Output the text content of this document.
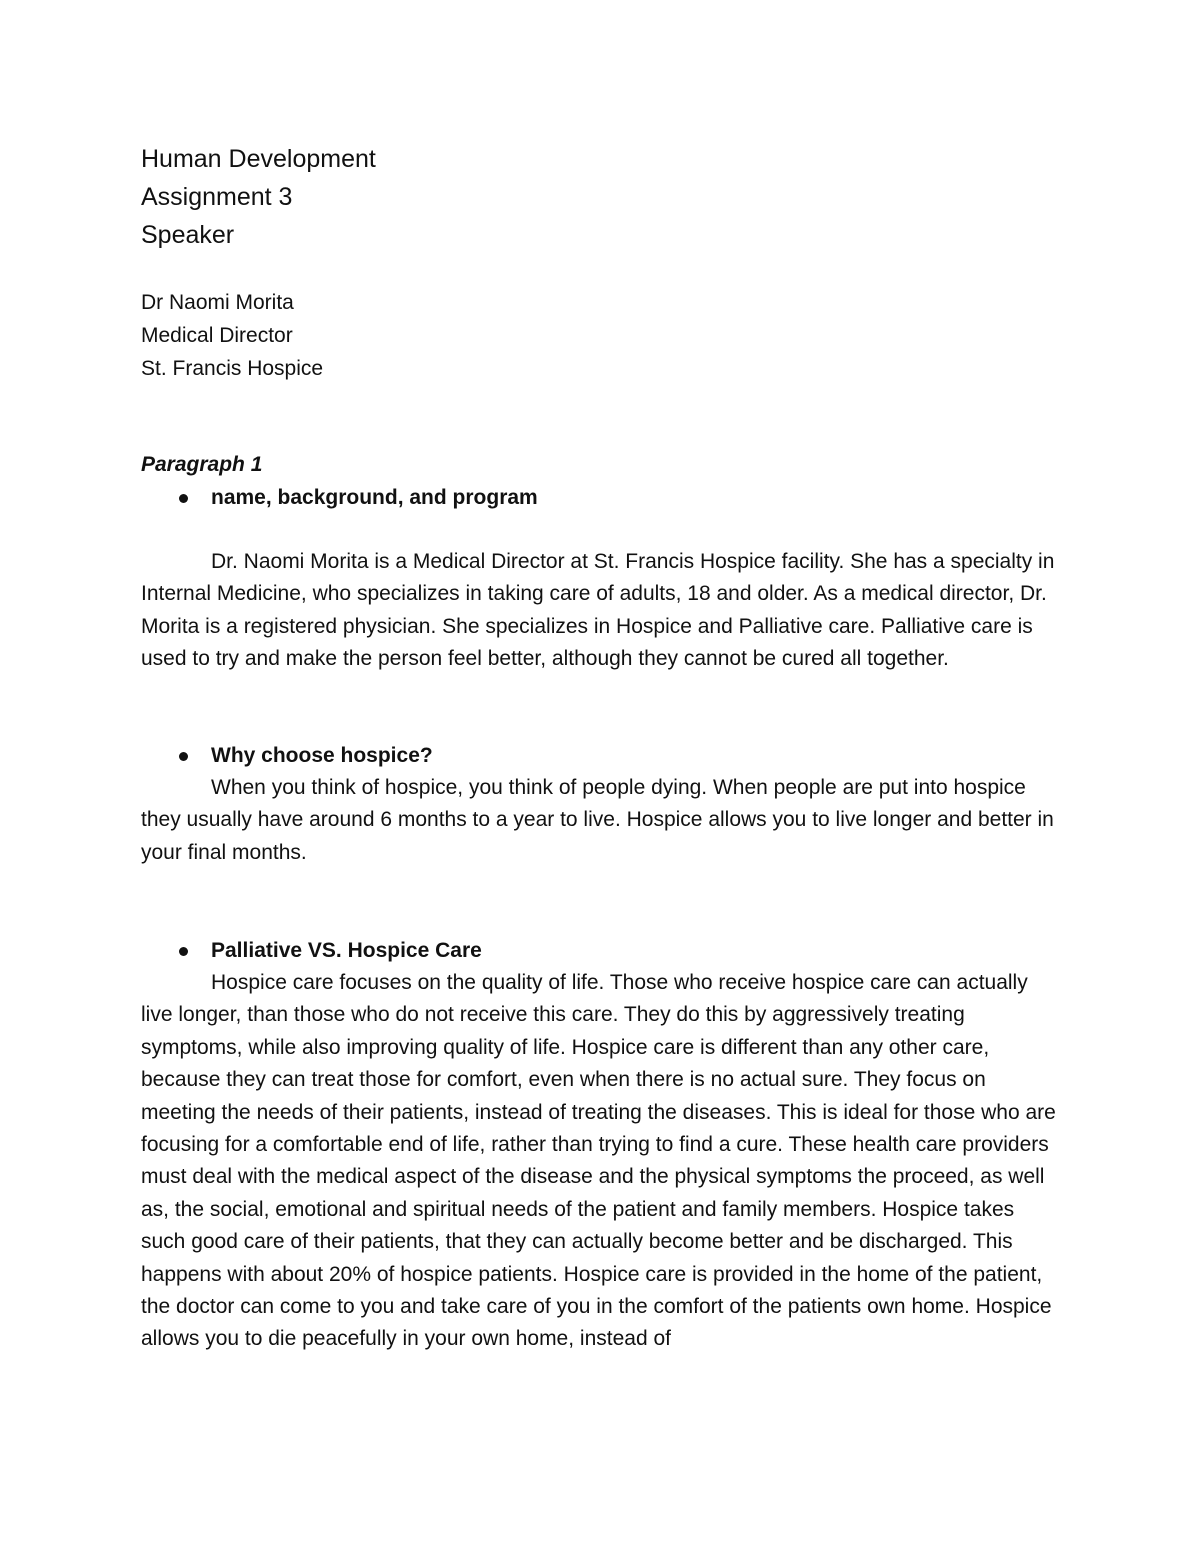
Human Development
Assignment 3
Speaker
Dr Naomi Morita
Medical Director
St. Francis Hospice
Paragraph 1
name, background, and program

Dr. Naomi Morita is a Medical Director at St. Francis Hospice facility. She has a specialty in Internal Medicine, who specializes in taking care of adults, 18 and older. As a medical director, Dr. Morita is a registered physician. She specializes in Hospice and Palliative care. Palliative care is used to try and make the person feel better, although they cannot be cured all together.

Why choose hospice?

When you think of hospice, you think of people dying. When people are put into hospice they usually have around 6 months to a year to live. Hospice allows you to live longer and better in your final months.

Palliative VS. Hospice Care

Hospice care focuses on the quality of life. Those who receive hospice care can actually live longer, than those who do not receive this care. They do this by aggressively treating symptoms, while also improving quality of life. Hospice care is different than any other care, because they can treat those for comfort, even when there is no actual sure. They focus on meeting the needs of their patients, instead of treating the diseases. This is ideal for those who are focusing for a comfortable end of life, rather than trying to find a cure. These health care providers must deal with the medical aspect of the disease and the physical symptoms the proceed, as well as, the social, emotional and spiritual needs of the patient and family members. Hospice takes such good care of their patients, that they can actually become better and be discharged. This happens with about 20% of hospice patients. Hospice care is provided in the home of the patient, the doctor can come to you and take care of you in the comfort of the patients own home. Hospice allows you to die peacefully in your own home, instead of
